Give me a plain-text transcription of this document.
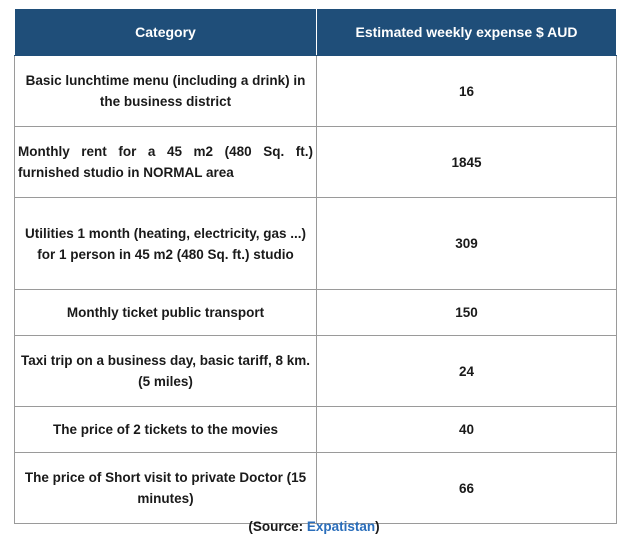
Category	Estimated weekly expense $ AUD
Basic lunchtime menu (including a drink) in the business district	16
Monthly rent for a 45 m2 (480 Sq. ft.) furnished studio in NORMAL area	1845
Utilities 1 month (heating, electricity, gas ...) for 1 person in 45 m2 (480 Sq. ft.) studio	309
Monthly ticket public transport	150
Taxi trip on a business day, basic tariff, 8 km. (5 miles)	24
The price of 2 tickets to the movies	40
The price of Short visit to private Doctor (15 minutes)	66
(Source: Expatistan)
